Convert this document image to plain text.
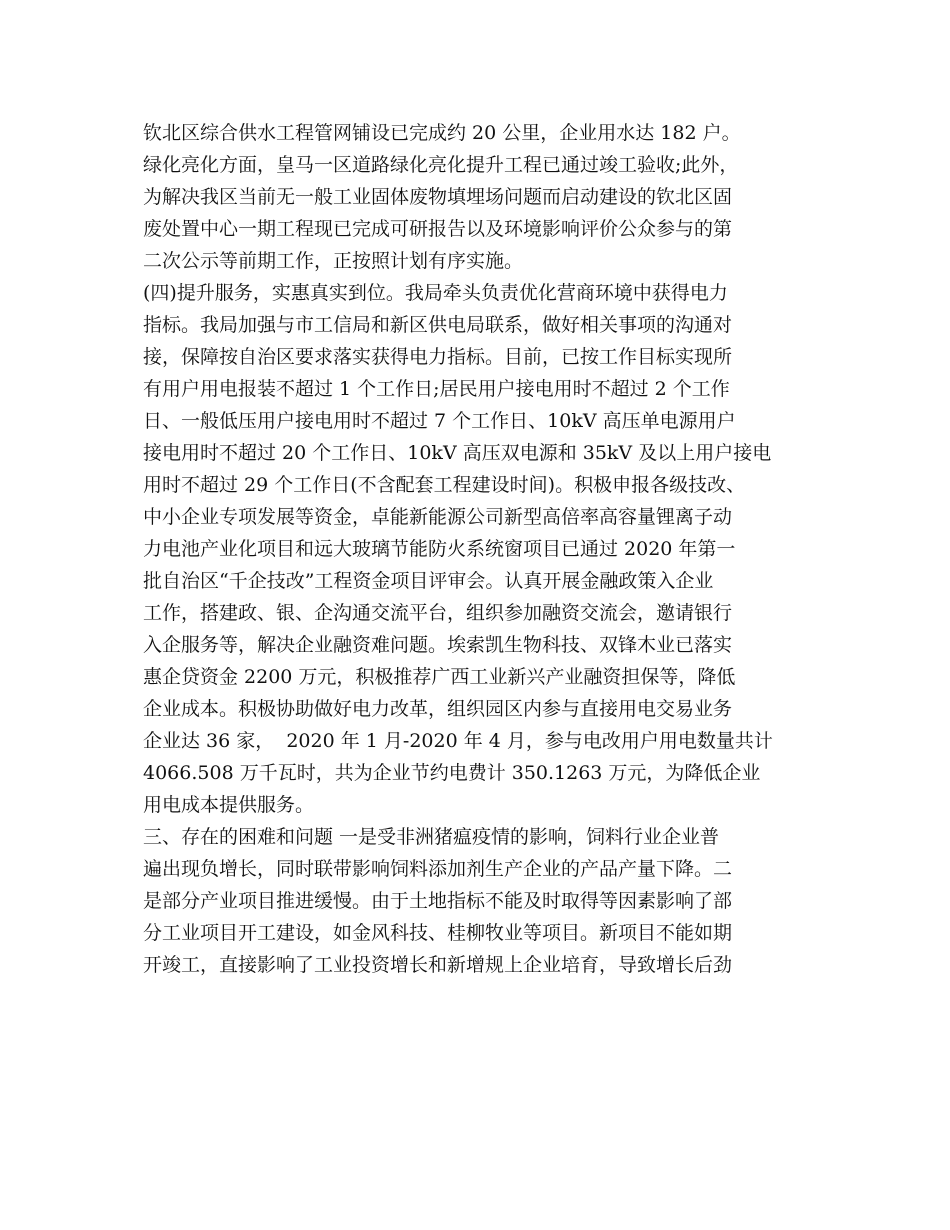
钦北区综合供水工程管网铺设已完成约 20 公里，企业用水达 182 户。
绿化亮化方面，皇马一区道路绿化亮化提升工程已通过竣工验收;此外，
为解决我区当前无一般工业固体废物填埋场问题而启动建设的钦北区固
废处置中心一期工程现已完成可研报告以及环境影响评价公众参与的第
二次公示等前期工作，正按照计划有序实施。
(四)提升服务，实惠真实到位。我局牵头负责优化营商环境中获得电力
指标。我局加强与市工信局和新区供电局联系，做好相关事项的沟通对
接，保障按自治区要求落实获得电力指标。目前，已按工作目标实现所
有用户用电报装不超过 1 个工作日;居民用户接电用时不超过 2 个工作
日、一般低压用户接电用时不超过 7 个工作日、10kV 高压单电源用户
接电用时不超过 20 个工作日、10kV 高压双电源和 35kV 及以上用户接电
用时不超过 29 个工作日(不含配套工程建设时间)。积极申报各级技改、
中小企业专项发展等资金，卓能新能源公司新型高倍率高容量锂离子动
力电池产业化项目和远大玻璃节能防火系统窗项目已通过 2020 年第一
批自治区“千企技改”工程资金项目评审会。认真开展金融政策入企业
工作，搭建政、银、企沟通交流平台，组织参加融资交流会，邀请银行
入企服务等，解决企业融资难问题。埃索凯生物科技、双锋木业已落实
惠企贷资金 2200 万元，积极推荐广西工业新兴产业融资担保等，降低
企业成本。积极协助做好电力改革，组织园区内参与直接用电交易业务
企业达 36 家，  2020 年 1 月-2020 年 4 月，参与电改用户用电数量共计
4066.508 万千瓦时，共为企业节约电费计 350.1263 万元，为降低企业
用电成本提供服务。
三、存在的困难和问题 一是受非洲猪瘟疫情的影响，饲料行业企业普
遍出现负增长，同时联带影响饲料添加剂生产企业的产品产量下降。二
是部分产业项目推进缓慢。由于土地指标不能及时取得等因素影响了部
分工业项目开工建设，如金风科技、桂柳牧业等项目。新项目不能如期
开竣工，直接影响了工业投资增长和新增规上企业培育，导致增长后劲
